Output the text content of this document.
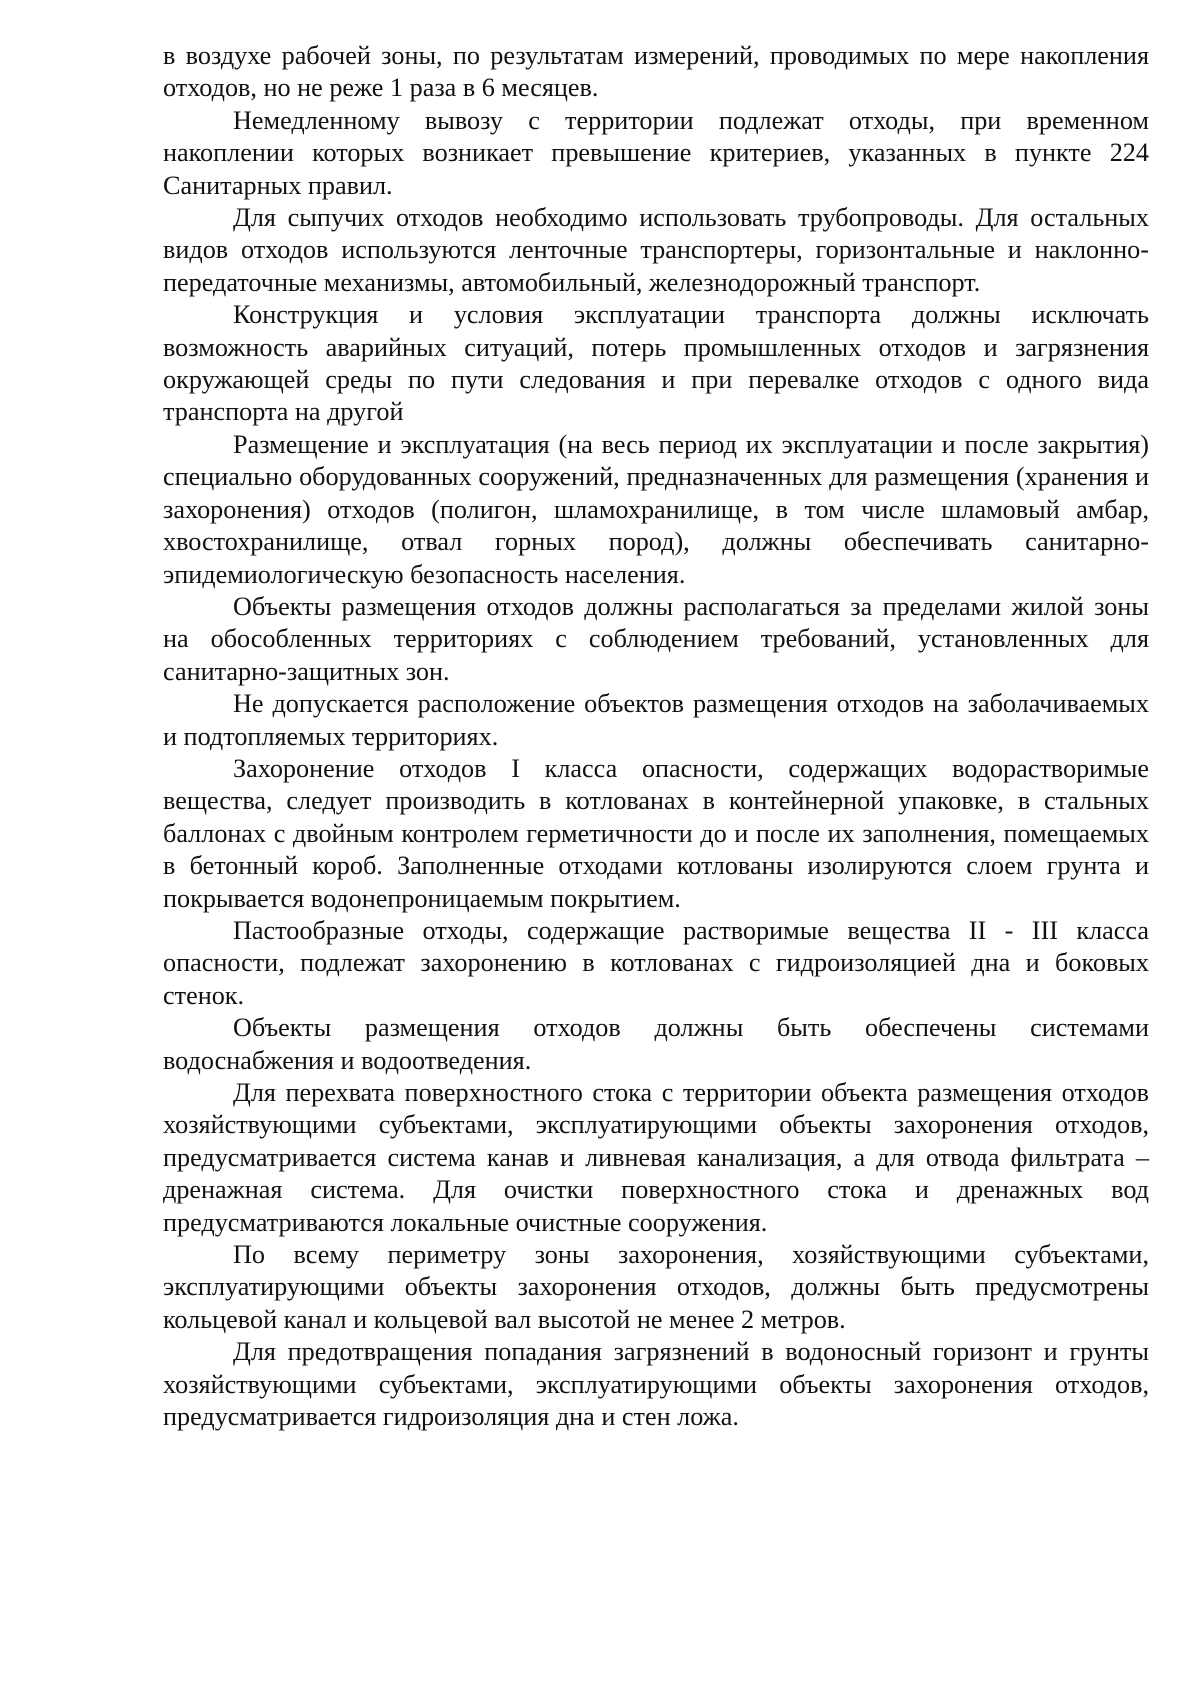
в воздухе рабочей зоны, по результатам измерений, проводимых по мере накопления отходов, но не реже 1 раза в 6 месяцев.

Немедленному вывозу с территории подлежат отходы, при временном накоплении которых возникает превышение критериев, указанных в пункте 224 Санитарных правил.

Для сыпучих отходов необходимо использовать трубопроводы. Для остальных видов отходов используются ленточные транспортеры, горизонтальные и наклонно-передаточные механизмы, автомобильный, железнодорожный транспорт.

Конструкция и условия эксплуатации транспорта должны исключать возможность аварийных ситуаций, потерь промышленных отходов и загрязнения окружающей среды по пути следования и при перевалке отходов с одного вида транспорта на другой

Размещение и эксплуатация (на весь период их эксплуатации и после закрытия) специально оборудованных сооружений, предназначенных для размещения (хранения и захоронения) отходов (полигон, шламохранилище, в том числе шламовый амбар, хвостохранилище, отвал горных пород), должны обеспечивать санитарно-эпидемиологическую безопасность населения.

Объекты размещения отходов должны располагаться за пределами жилой зоны на обособленных территориях с соблюдением требований, установленных для санитарно-защитных зон.

Не допускается расположение объектов размещения отходов на заболачиваемых и подтопляемых территориях.

Захоронение отходов I класса опасности, содержащих водорастворимые вещества, следует производить в котлованах в контейнерной упаковке, в стальных баллонах с двойным контролем герметичности до и после их заполнения, помещаемых в бетонный короб. Заполненные отходами котлованы изолируются слоем грунта и покрывается водонепроницаемым покрытием.

Пастообразные отходы, содержащие растворимые вещества II - III класса опасности, подлежат захоронению в котлованах с гидроизоляцией дна и боковых стенок.

Объекты размещения отходов должны быть обеспечены системами водоснабжения и водоотведения.

Для перехвата поверхностного стока с территории объекта размещения отходов хозяйствующими субъектами, эксплуатирующими объекты захоронения отходов, предусматривается система канав и ливневая канализация, а для отвода фильтрата – дренажная система. Для очистки поверхностного стока и дренажных вод предусматриваются локальные очистные сооружения.

По всему периметру зоны захоронения, хозяйствующими субъектами, эксплуатирующими объекты захоронения отходов, должны быть предусмотрены кольцевой канал и кольцевой вал высотой не менее 2 метров.

Для предотвращения попадания загрязнений в водоносный горизонт и грунты хозяйствующими субъектами, эксплуатирующими объекты захоронения отходов, предусматривается гидроизоляция дна и стен ложа.
